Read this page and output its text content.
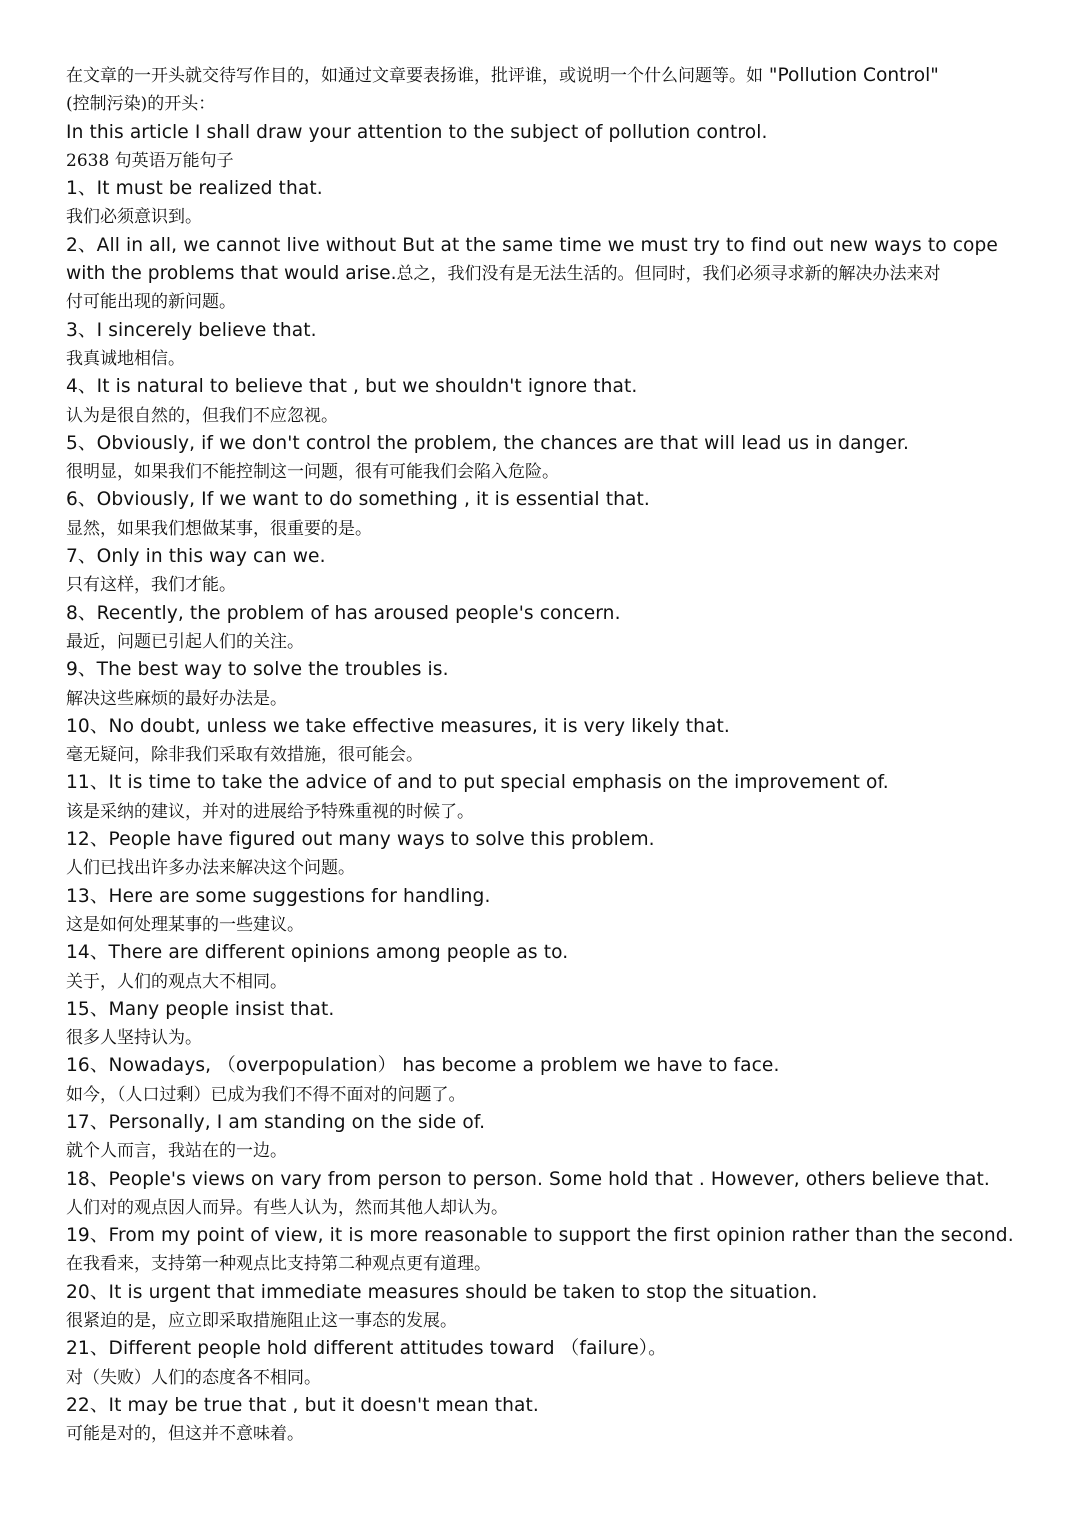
在文章的一开头就交待写作目的，如通过文章要表扬谁，批评谁，或说明一个什么问题等。如 "Pollution Control"
(控制污染)的开头：
In this article I shall draw your attention to the subject of pollution control.
2638 句英语万能句子
1、It must be realized that.
我们必须意识到。
2、All in all, we cannot live without But at the same time we must try to find out new ways to cope
with the problems that would arise.总之，我们没有是无法生活的。但同时，我们必须寻求新的解决办法来对
付可能出现的新问题。
3、I sincerely believe that.
我真诚地相信。
4、It is natural to believe that , but we shouldn't ignore that.
认为是很自然的，但我们不应忽视。
5、Obviously, if we don't control the problem, the chances are that will lead us in danger.
很明显，如果我们不能控制这一问题，很有可能我们会陷入危险。
6、Obviously, If we want to do something , it is essential that.
显然，如果我们想做某事，很重要的是。
7、Only in this way can we.
只有这样，我们才能。
8、Recently, the problem of has aroused people's concern.
最近，问题已引起人们的关注。
9、The best way to solve the troubles is.
解决这些麻烦的最好办法是。
10、No doubt, unless we take effective measures, it is very likely that.
毫无疑问，除非我们采取有效措施，很可能会。
11、It is time to take the advice of and to put special emphasis on the improvement of.
该是采纳的建议，并对的进展给予特殊重视的时候了。
12、People have figured out many ways to solve this problem.
人们已找出许多办法来解决这个问题。
13、Here are some suggestions for handling.
这是如何处理某事的一些建议。
14、There are different opinions among people as to.
关于，人们的观点大不相同。
15、Many people insist that.
很多人坚持认为。
16、Nowadays, （overpopulation） has become a problem we have to face.
如今，（人口过剩）已成为我们不得不面对的问题了。
17、Personally, I am standing on the side of.
就个人而言，我站在的一边。
18、People's views on vary from person to person. Some hold that . However, others believe that.
人们对的观点因人而异。有些人认为，然而其他人却认为。
19、From my point of view, it is more reasonable to support the first opinion rather than the second.
在我看来，支持第一种观点比支持第二种观点更有道理。
20、It is urgent that immediate measures should be taken to stop the situation.
很紧迫的是，应立即采取措施阻止这一事态的发展。
21、Different people hold different attitudes toward （failure）。
对（失败）人们的态度各不相同。
22、It may be true that , but it doesn't mean that.
可能是对的，但这并不意味着。
